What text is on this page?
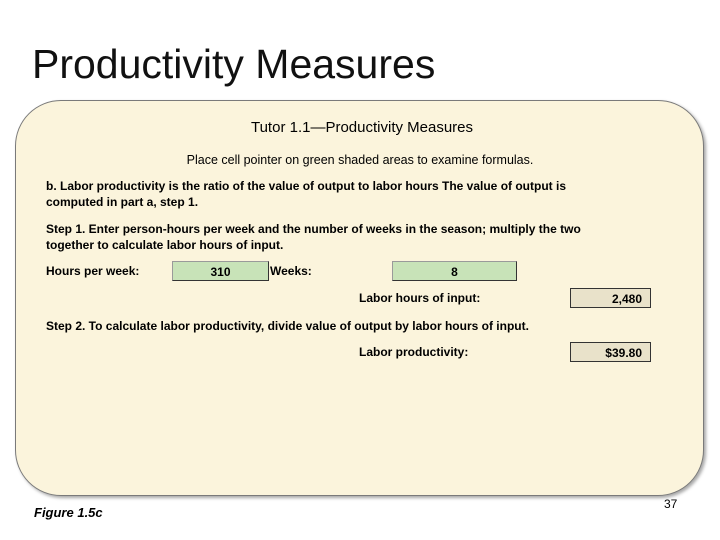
Productivity Measures
Tutor 1.1—Productivity Measures
Place cell pointer on green shaded areas to examine formulas.
b. Labor productivity is the ratio of the value of output to labor hours The value of output is
computed in part a, step 1.
Step 1. Enter person-hours per week and the number of weeks in the season; multiply the two
together to calculate labor hours of input.
Hours per week:	310	Weeks:	8
Labor hours of input:	2,480
Step 2. To calculate labor productivity, divide value of output by labor hours of input.
Labor productivity:	$39.80
Figure 1.5c
37
